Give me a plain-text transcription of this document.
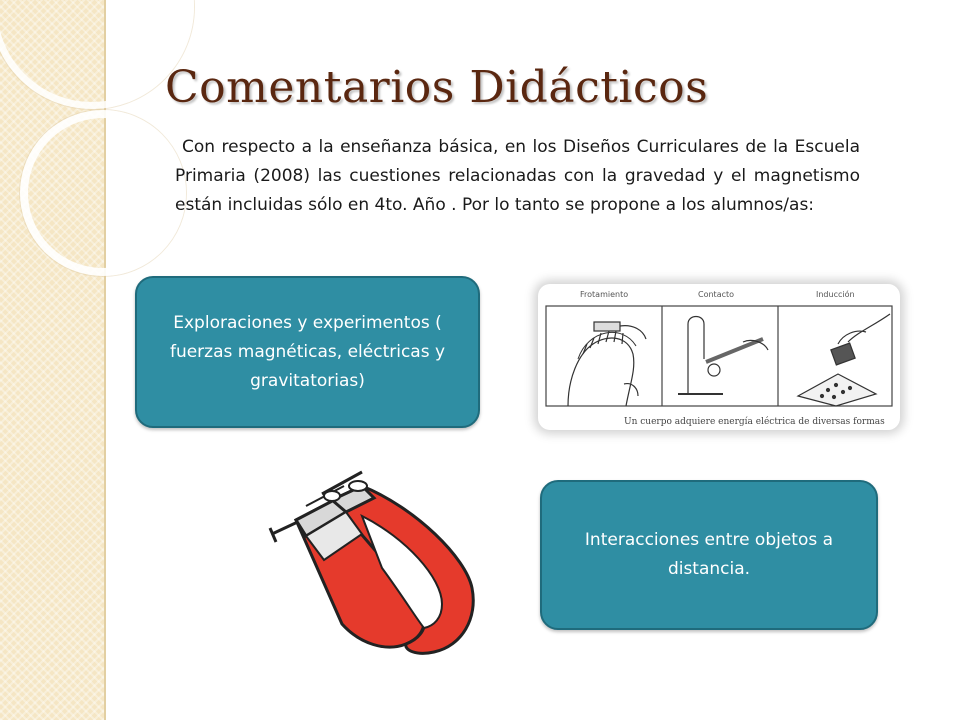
Comentarios Didácticos

Con respecto a la enseñanza básica, en los Diseños Curriculares de la Escuela Primaria (2008) las cuestiones relacionadas con la gravedad y el magnetismo están incluidas sólo en 4to. Año . Por lo tanto se propone a los alumnos/as:

Exploraciones y experimentos ( fuerzas magnéticas, eléctricas y gravitatorias)
Frotamiento	Contacto	Inducción
Un cuerpo adquiere energía eléctrica de diversas formas
Interacciones entre objetos a distancia.
